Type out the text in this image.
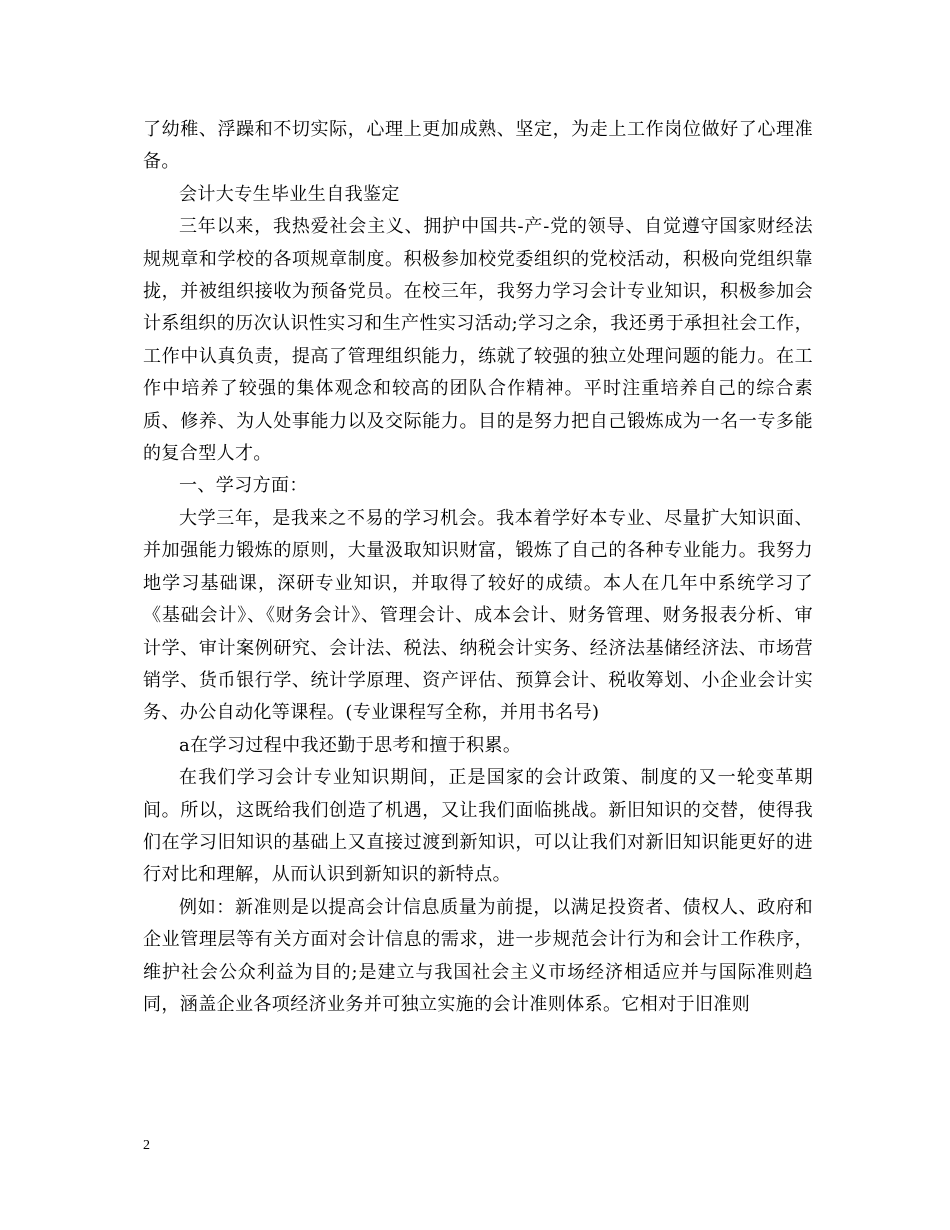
了幼稚、浮躁和不切实际，心理上更加成熟、坚定，为走上工作岗位做好了心理准备。

会计大专生毕业生自我鉴定

三年以来，我热爱社会主义、拥护中国共-产-党的领导、自觉遵守国家财经法规规章和学校的各项规章制度。积极参加校党委组织的党校活动，积极向党组织靠拢，并被组织接收为预备党员。在校三年，我努力学习会计专业知识，积极参加会计系组织的历次认识性实习和生产性实习活动;学习之余，我还勇于承担社会工作，工作中认真负责，提高了管理组织能力，练就了较强的独立处理问题的能力。在工作中培养了较强的集体观念和较高的团队合作精神。平时注重培养自己的综合素质、修养、为人处事能力以及交际能力。目的是努力把自己锻炼成为一名一专多能的复合型人才。

一、学习方面：

大学三年，是我来之不易的学习机会。我本着学好本专业、尽量扩大知识面、并加强能力锻炼的原则，大量汲取知识财富，锻炼了自己的各种专业能力。我努力地学习基础课，深研专业知识，并取得了较好的成绩。本人在几年中系统学习了《基础会计》、《财务会计》、管理会计、成本会计、财务管理、财务报表分析、审计学、审计案例研究、会计法、税法、纳税会计实务、经济法基储经济法、市场营销学、货币银行学、统计学原理、资产评估、预算会计、税收筹划、小企业会计实务、办公自动化等课程。(专业课程写全称，并用书名号)

a在学习过程中我还勤于思考和擅于积累。

在我们学习会计专业知识期间，正是国家的会计政策、制度的又一轮变革期间。所以，这既给我们创造了机遇，又让我们面临挑战。新旧知识的交替，使得我们在学习旧知识的基础上又直接过渡到新知识，可以让我们对新旧知识能更好的进行对比和理解，从而认识到新知识的新特点。

例如：新准则是以提高会计信息质量为前提，以满足投资者、债权人、政府和企业管理层等有关方面对会计信息的需求，进一步规范会计行为和会计工作秩序，维护社会公众利益为目的;是建立与我国社会主义市场经济相适应并与国际准则趋同，涵盖企业各项经济业务并可独立实施的会计准则体系。它相对于旧准则

2
